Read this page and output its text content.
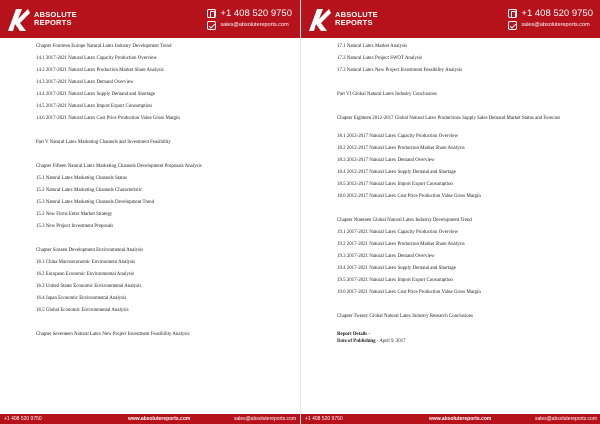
ABSOLUTE
REPORTS
+1 408 520 9750
sales@absolutereports.com
Chapter Fourteen Europe Natural Latex Industry Development Trend
14.1 2017-2021 Natural Latex Capacity Production Overview
14.2 2017-2021 Natural Latex Production Market Share Analysis
14.3 2017-2021 Natural Latex Demand Overview
14.4 2017-2021 Natural Latex Supply Demand and Shortage
14.5 2017-2021 Natural Latex Import Export Consumption
14.6 2017-2021 Natural Latex Cost Price Production Value Gross Margin
Part V Natural Latex Marketing Channels and Investment Feasibility
Chapter Fifteen Natural Latex Marketing Channels Development Proposals Analysis
15.1 Natural Latex Marketing Channels Status
15.2 Natural Latex Marketing Channels Characteristic
15.3 Natural Latex Marketing Channels Development Trend
15.2 New Firms Enter Market Strategy
15.3 New Project Investment Proposals
Chapter Sixteen Development Environmental Analysis
16.1 China Macroeconomic Environment Analysis
16.2 European Economic Environmental Analysis
16.3 United States Economic Environmental Analysis
16.4 Japan Economic Environmental Analysis
16.5 Global Economic Environmental Analysis
Chapter Seventeen Natural Latex New Project Investment Feasibility Analysis
+1 408 520 9750	www.absolutereports.com	sales@absolutereports.com
ABSOLUTE
REPORTS
+1 408 520 9750
sales@absolutereports.com
17.1 Natural Latex Market Analysis
17.2 Natural Latex Project SWOT Analysis
17.3 Natural Latex New Project Investment Feasibility Analysis
Part VI Global Natural Latex Industry Conclusions
Chapter Eighteen 2012-2017 Global Natural Latex Productions Supply Sales Demand Market Status and Forecast
18.1 2012-2017 Natural Latex Capacity Production Overview
18.2 2012-2017 Natural Latex Production Market Share Analysis
18.3 2012-2017 Natural Latex Demand Overview
18.4 2012-2017 Natural Latex Supply Demand and Shortage
18.5 2012-2017 Natural Latex Import Export Consumption
18.6 2012-2017 Natural Latex Cost Price Production Value Gross Margin
Chapter Nineteen Global Natural Latex Industry Development Trend
19.1 2017-2021 Natural Latex Capacity Production Overview
19.2 2017-2021 Natural Latex Production Market Share Analysis
19.3 2017-2021 Natural Latex Demand Overview
19.4 2017-2021 Natural Latex Supply Demand and Shortage
19.5 2017-2021 Natural Latex Import Export Consumption
19.6 2017-2021 Natural Latex Cost Price Production Value Gross Margin
Chapter Twenty Global Natural Latex Industry Research Conclusions
Report Details -
Date of Publishing - April 9, 2017
+1 408 520 9750	www.absolutereports.com	sales@absolutereports.com
